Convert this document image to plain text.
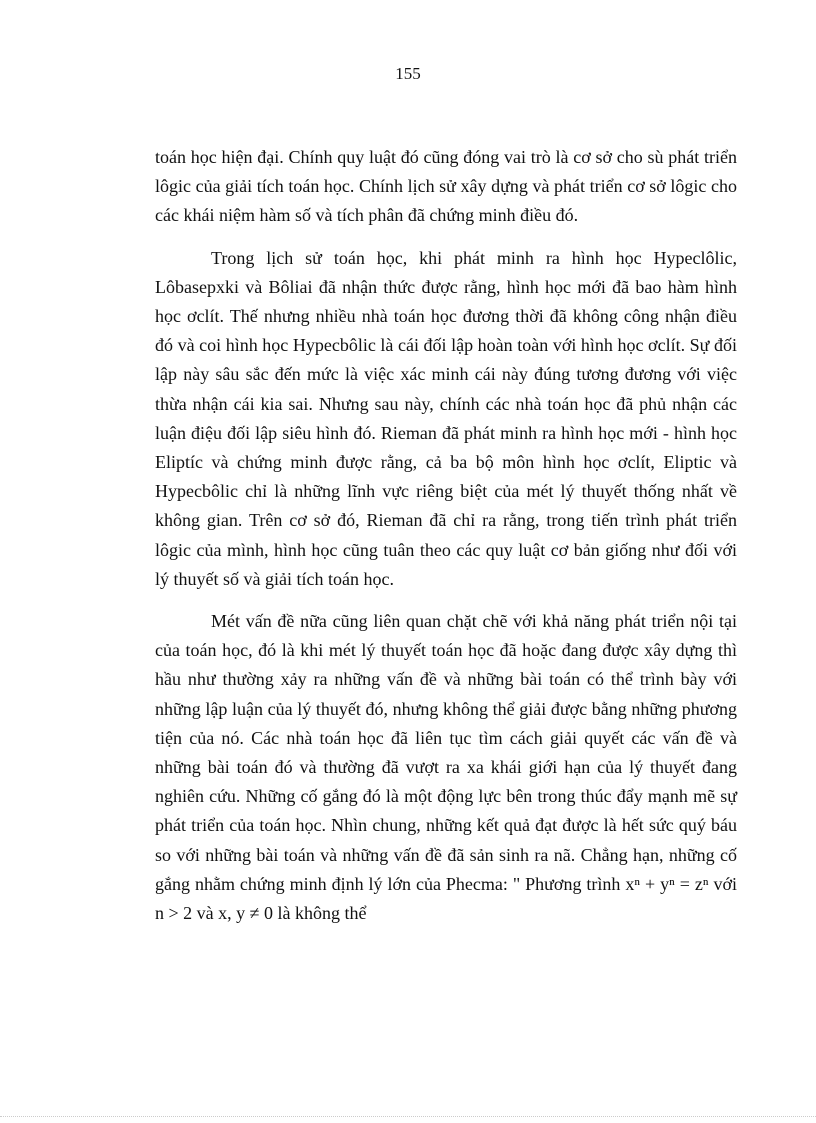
155

toán học hiện đại. Chính quy luật đó cũng đóng vai trò là cơ sở cho sù phát triển lôgic của giải tích toán học. Chính lịch sử xây dựng và phát triển cơ sở lôgic cho các khái niệm hàm số và tích phân đã chứng minh điều đó.

Trong lịch sử toán học, khi phát minh ra hình học Hypeclôlic, Lôbasepxki và Bôliai đã nhận thức được rằng, hình học mới đã bao hàm hình học ơclít. Thế nhưng nhiều nhà toán học đương thời đã không công nhận điều đó và coi hình học Hypecbôlic là cái đối lập hoàn toàn với hình học ơclít. Sự đối lập này sâu sắc đến mức là việc xác minh cái này đúng tương đương với việc thừa nhận cái kia sai. Nhưng sau này, chính các nhà toán học đã phủ nhận các luận điệu đối lập siêu hình đó. Rieman đã phát minh ra hình học mới - hình học Eliptíc và chứng minh được rằng, cả ba bộ môn hình học ơclít, Eliptic và Hypecbôlic chỉ là những lĩnh vực riêng biệt của mét lý thuyết thống nhất về không gian. Trên cơ sở đó, Rieman đã chỉ ra rằng, trong tiến trình phát triển lôgic của mình, hình học cũng tuân theo các quy luật cơ bản giống như đối với lý thuyết số và giải tích toán học.

Mét vấn đề nữa cũng liên quan chặt chẽ với khả năng phát triển nội tại của toán học, đó là khi mét lý thuyết toán học đã hoặc đang được xây dựng thì hầu như thường xảy ra những vấn đề và những bài toán có thể trình bày với những lập luận của lý thuyết đó, nhưng không thể giải được bằng những phương tiện của nó. Các nhà toán học đã liên tục tìm cách giải quyết các vấn đề và những bài toán đó và thường đã vượt ra xa khái giới hạn của lý thuyết đang nghiên cứu. Những cố gắng đó là một động lực bên trong thúc đẩy mạnh mẽ sự phát triển của toán học. Nhìn chung, những kết quả đạt được là hết sức quý báu so với những bài toán và những vấn đề đã sản sinh ra nã. Chẳng hạn, những cố gắng nhằm chứng minh định lý lớn của Phecma: " Phương trình xⁿ + yⁿ = zⁿ với n > 2 và x, y ≠ 0 là không thể
